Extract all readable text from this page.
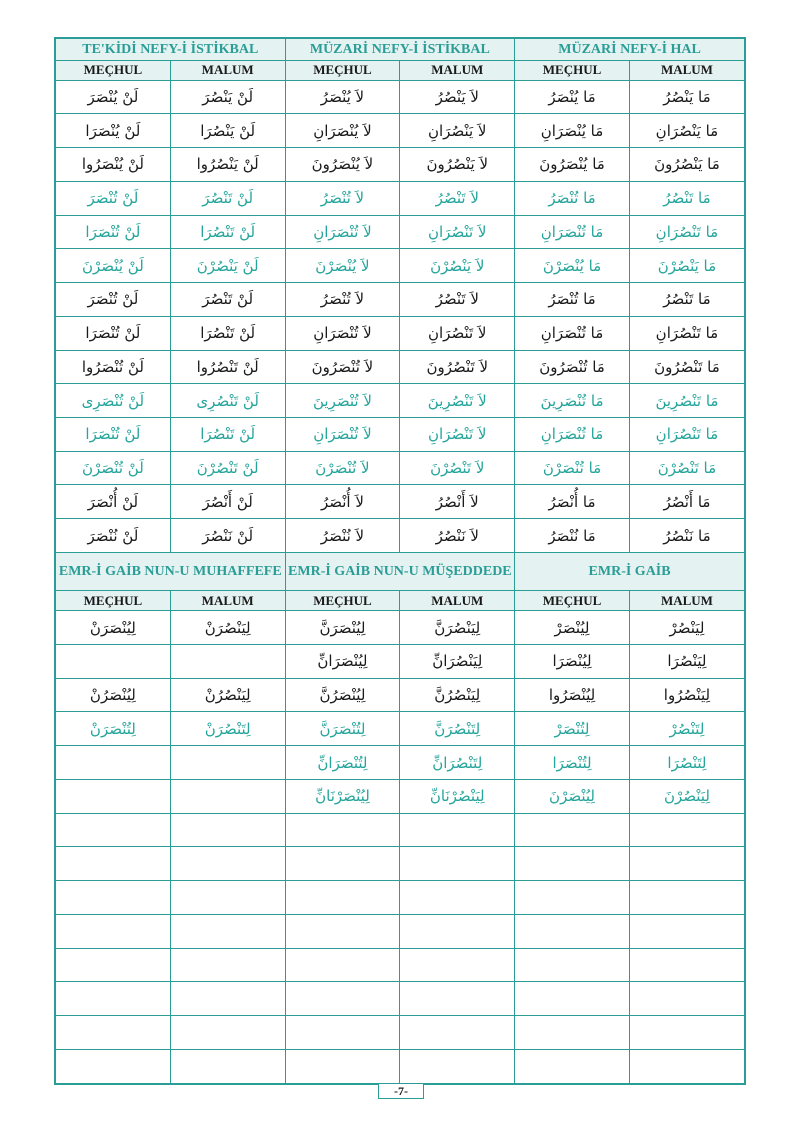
TE'KİDİ NEFY-İ İSTİKBAL		MÜZARİ NEFY-İ İSTİKBAL		MÜZARİ NEFY-İ HAL	
MEÇHUL	MALUM	MEÇHUL	MALUM	MEÇHUL	MALUM
لَنْ يُنْصَرَ	لَنْ يَنْصُرَ	لاَ يُنْصَرُ	لاَ يَنْصُرُ	مَا يُنْصَرُ	مَا يَنْصُرُ
لَنْ يُنْصَرَا	لَنْ يَنْصُرَا	لاَ يُنْصَرَانِ	لاَ يَنْصُرَانِ	مَا يُنْصَرَانِ	مَا يَنْصُرَانِ
لَنْ يُنْصَرُوا	لَنْ يَنْصُرُوا	لاَ يُنْصَرُونَ	لاَ يَنْصُرُونَ	مَا يُنْصَرُونَ	مَا يَنْصُرُونَ
لَنْ تُنْصَرَ	لَنْ تَنْصُرَ	لاَ تُنْصَرُ	لاَ تَنْصُرُ	مَا تُنْصَرُ	مَا تَنْصُرُ
لَنْ تُنْصَرَا	لَنْ تَنْصُرَا	لاَ تُنْصَرَانِ	لاَ تَنْصُرَانِ	مَا تُنْصَرَانِ	مَا تَنْصُرَانِ
لَنْ يُنْصَرْنَ	لَنْ يَنْصُرْنَ	لاَ يُنْصَرْنَ	لاَ يَنْصُرْنَ	مَا يُنْصَرْنَ	مَا يَنْصُرْنَ
لَنْ تُنْصَرَ	لَنْ تَنْصُرَ	لاَ تُنْصَرُ	لاَ تَنْصُرُ	مَا تُنْصَرُ	مَا تَنْصُرُ
لَنْ تُنْصَرَا	لَنْ تَنْصُرَا	لاَ تُنْصَرَانِ	لاَ تَنْصُرَانِ	مَا تُنْصَرَانِ	مَا تَنْصُرَانِ
لَنْ تُنْصَرُوا	لَنْ تَنْصُرُوا	لاَ تُنْصَرُونَ	لاَ تَنْصُرُونَ	مَا تُنْصَرُونَ	مَا تَنْصُرُونَ
لَنْ تُنْصَرِى	لَنْ تَنْصُرِى	لاَ تُنْصَرِينَ	لاَ تَنْصُرِينَ	مَا تُنْصَرِينَ	مَا تَنْصُرِينَ
لَنْ تُنْصَرَا	لَنْ تَنْصُرَا	لاَ تُنْصَرَانِ	لاَ تَنْصُرَانِ	مَا تُنْصَرَانِ	مَا تَنْصُرَانِ
لَنْ تُنْصَرْنَ	لَنْ تَنْصُرْنَ	لاَ تُنْصَرْنَ	لاَ تَنْصُرْنَ	مَا تُنْصَرْنَ	مَا تَنْصُرْنَ
لَنْ أُنْصَرَ	لَنْ أَنْصُرَ	لاَ أُنْصَرُ	لاَ أَنْصُرُ	مَا أُنْصَرُ	مَا أَنْصُرُ
لَنْ نُنْصَرَ	لَنْ نَنْصُرَ	لاَ نُنْصَرُ	لاَ نَنْصُرُ	مَا نُنْصَرُ	مَا نَنْصُرُ
EMR-İ GAİB NUN-U MUHAFFEFE		EMR-İ GAİB NUN-U MÜŞEDDEDE		EMR-İ GAİB	
MEÇHUL	MALUM	MEÇHUL	MALUM	MEÇHUL	MALUM
لِيُنْصَرَنْ	لِيَنْصُرَنْ	لِيُنْصَرَنَّ	لِيَنْصُرَنَّ	لِيُنْصَرْ	لِيَنْصُرْ
		لِيُنْصَرَانِّ	لِيَنْصُرَانِّ	لِيُنْصَرَا	لِيَنْصُرَا
لِيُنْصَرُنْ	لِيَنْصُرُنْ	لِيُنْصَرُنَّ	لِيَنْصُرُنَّ	لِيُنْصَرُوا	لِيَنْصُرُوا
لِتُنْصَرَنْ	لِتَنْصُرَنْ	لِتُنْصَرَنَّ	لِتَنْصُرَنَّ	لِتُنْصَرْ	لِتَنْصُرْ
		لِتُنْصَرَانِّ	لِتَنْصُرَانِّ	لِتُنْصَرَا	لِتَنْصُرَا
		لِيُنْصَرْنَانِّ	لِيَنْصُرْنَانِّ	لِيُنْصَرْنَ	لِيَنْصُرْنَ

-7-
